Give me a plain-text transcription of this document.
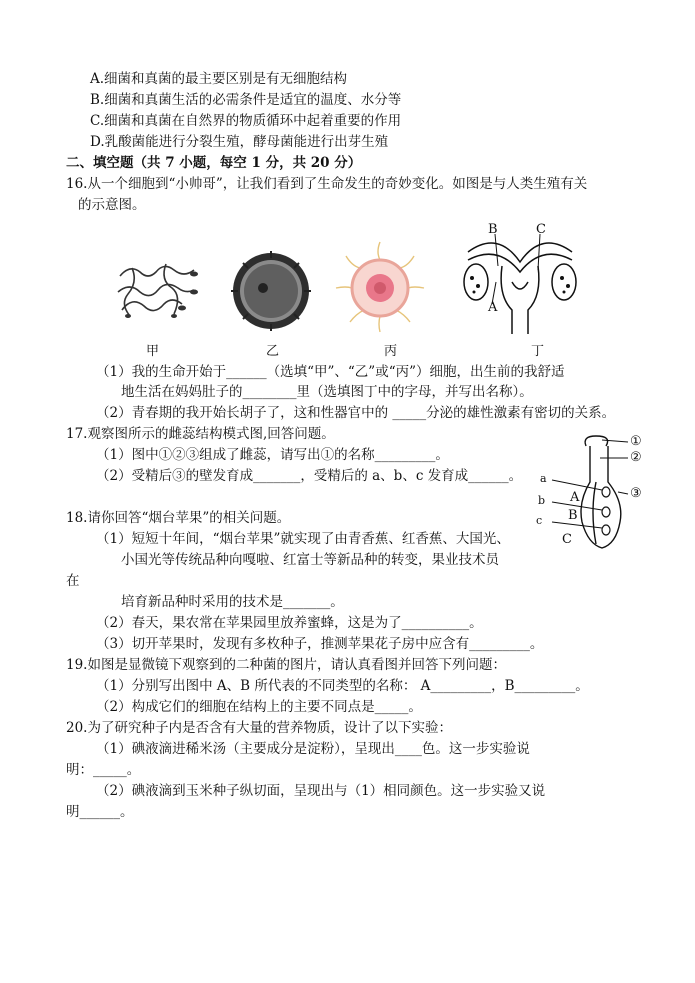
A.细菌和真菌的最主要区别是有无细胞结构
B.细菌和真菌生活的必需条件是适宜的温度、水分等
C.细菌和真菌在自然界的物质循环中起着重要的作用
D.乳酸菌能进行分裂生殖，酵母菌能进行出芽生殖
二、填空题（共 7 小题，每空 1 分，共 20 分）
16.从一个细胞到“小帅哥”，让我们看到了生命发生的奇妙变化。如图是与人类生殖有关
的示意图。
B	C
A
甲	乙	丙	丁
（1）我的生命开始于______（选填“甲”、“乙”或“丙”）细胞，出生前的我舒适
地生活在妈妈肚子的________里（选填图丁中的字母，并写出名称）。
（2）青春期的我开始长胡子了，这和性器官中的 _____分泌的雄性激素有密切的关系。
17.观察图所示的雌蕊结构模式图,回答问题。
（1）图中①②③组成了雌蕊，请写出①的名称_________。
（2）受精后③的壁发育成_______，受精后的 a、b、c 发育成______。
①
②
③
a
b
c
A
B
C
18.请你回答“烟台苹果”的相关问题。
（1）短短十年间，“烟台苹果”就实现了由青香蕉、红香蕉、大国光、
小国光等传统品种向嘎啦、红富士等新品种的转变，果业技术员
在
培育新品种时采用的技术是_______。
（2）春天，果农常在苹果园里放养蜜蜂，这是为了__________。
（3）切开苹果时，发现有多枚种子，推测苹果花子房中应含有_________。
19.如图是显微镜下观察到的二种菌的图片，请认真看图并回答下列问题：
（1）分别写出图中 A、B 所代表的不同类型的名称： A_________，B_________。
（2）构成它们的细胞在结构上的主要不同点是_____。
20.为了研究种子内是否含有大量的营养物质，设计了以下实验：
（1）碘液滴进稀米汤（主要成分是淀粉），呈现出____色。这一步实验说
明：_____。
（2）碘液滴到玉米种子纵切面，呈现出与（1）相同颜色。这一步实验又说
明______。
